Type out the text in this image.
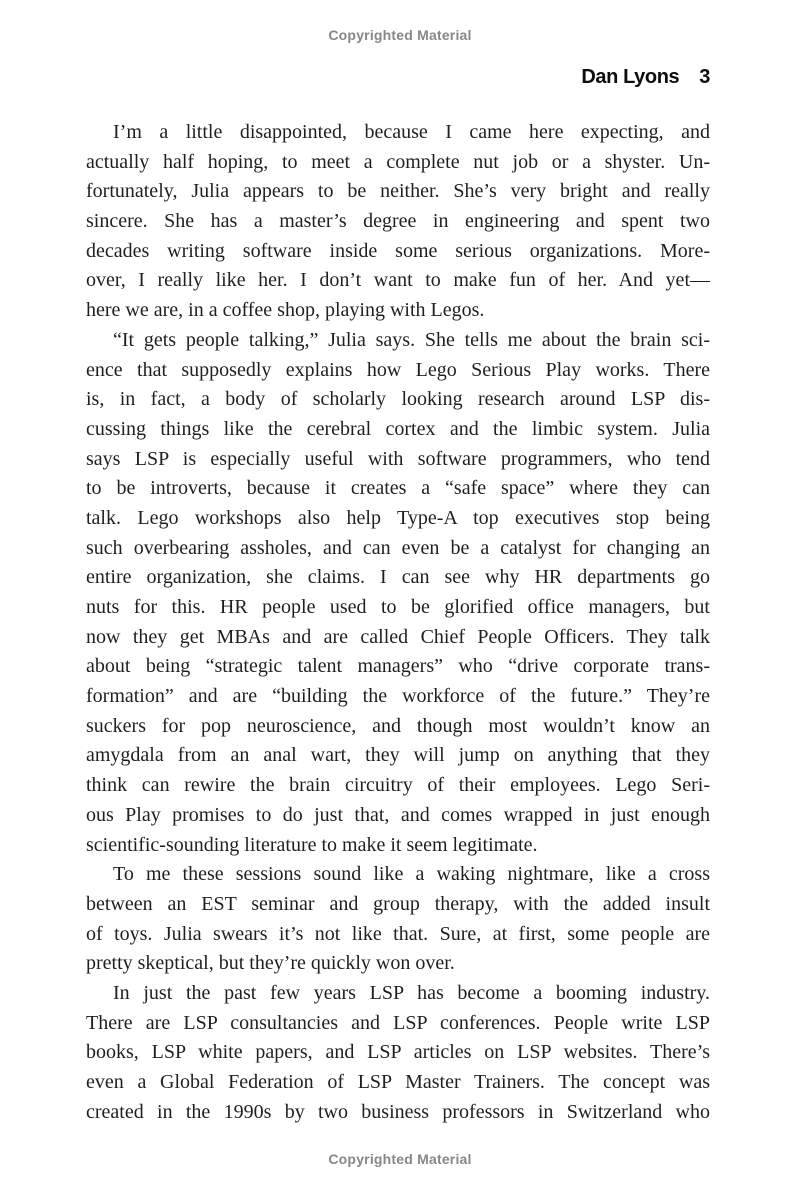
Copyrighted Material
Dan Lyons 3
I’m a little disappointed, because I came here expecting, and
actually half hoping, to meet a complete nut job or a shyster. Un-
fortunately, Julia appears to be neither. She’s very bright and really
sincere. She has a master’s degree in engineering and spent two
decades writing software inside some serious organizations. More-
over, I really like her. I don’t want to make fun of her. And yet—
here we are, in a coffee shop, playing with Legos.
“It gets people talking,” Julia says. She tells me about the brain sci-
ence that supposedly explains how Lego Serious Play works. There
is, in fact, a body of scholarly looking research around LSP dis-
cussing things like the cerebral cortex and the limbic system. Julia
says LSP is especially useful with software programmers, who tend
to be introverts, because it creates a “safe space” where they can
talk. Lego workshops also help Type-A top executives stop being
such overbearing assholes, and can even be a catalyst for changing an
entire organization, she claims. I can see why HR departments go
nuts for this. HR people used to be glorified office managers, but
now they get MBAs and are called Chief People Officers. They talk
about being “strategic talent managers” who “drive corporate trans-
formation” and are “building the workforce of the future.” They’re
suckers for pop neuroscience, and though most wouldn’t know an
amygdala from an anal wart, they will jump on anything that they
think can rewire the brain circuitry of their employees. Lego Seri-
ous Play promises to do just that, and comes wrapped in just enough
scientific-sounding literature to make it seem legitimate.
To me these sessions sound like a waking nightmare, like a cross
between an EST seminar and group therapy, with the added insult
of toys. Julia swears it’s not like that. Sure, at first, some people are
pretty skeptical, but they’re quickly won over.
In just the past few years LSP has become a booming industry.
There are LSP consultancies and LSP conferences. People write LSP
books, LSP white papers, and LSP articles on LSP websites. There’s
even a Global Federation of LSP Master Trainers. The concept was
created in the 1990s by two business professors in Switzerland who
Copyrighted Material
